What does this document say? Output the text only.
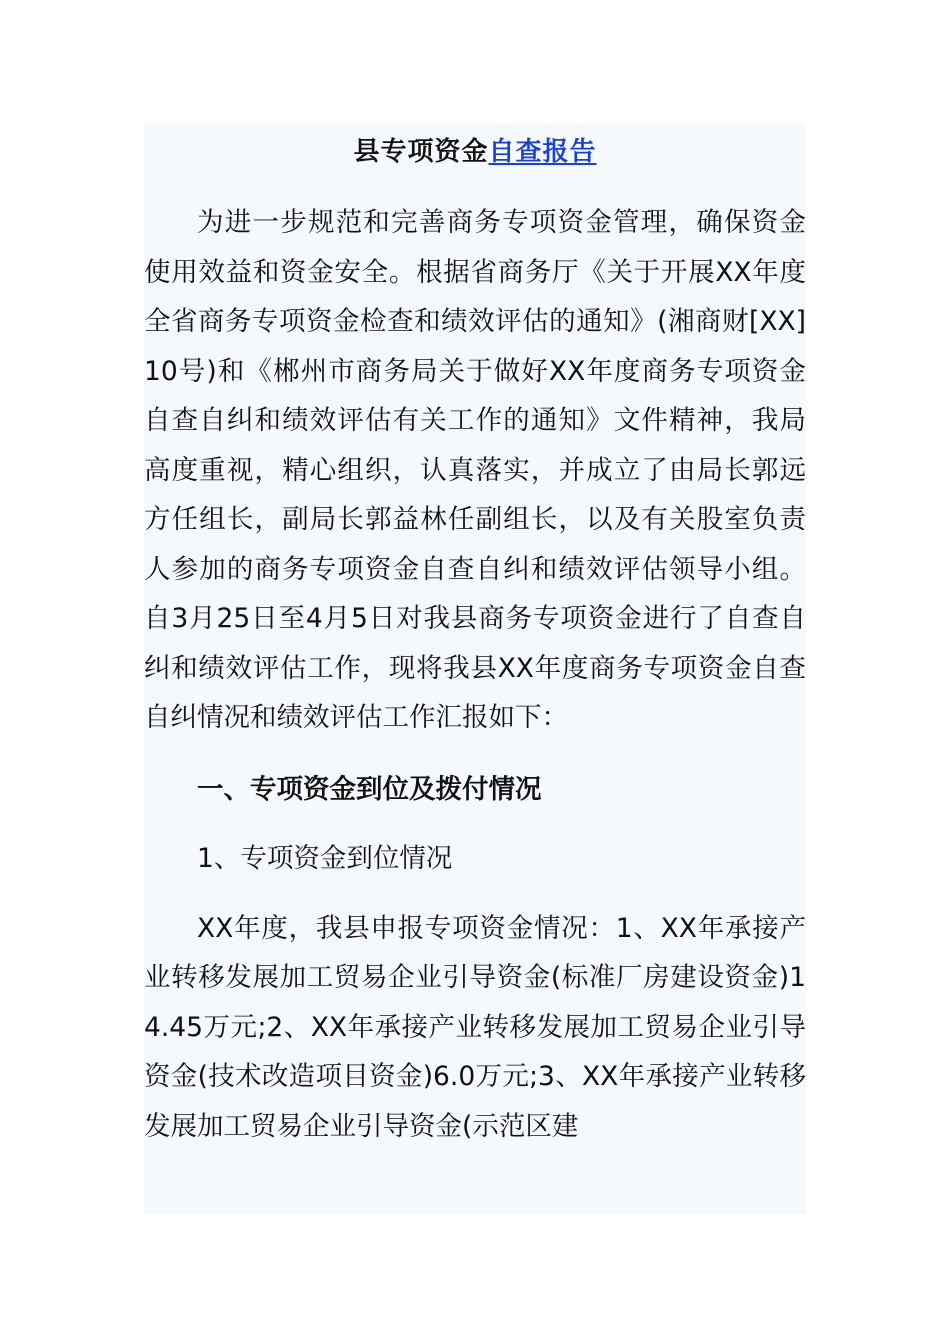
县专项资金自查报告

为进一步规范和完善商务专项资金管理，确保资金使用效益和资金安全。根据省商务厅《关于开展XX年度全省商务专项资金检查和绩效评估的通知》(湘商财[XX]10号)和《郴州市商务局关于做好XX年度商务专项资金自查自纠和绩效评估有关工作的通知》文件精神，我局高度重视，精心组织，认真落实，并成立了由局长郭远方任组长，副局长郭益林任副组长，以及有关股室负责人参加的商务专项资金自查自纠和绩效评估领导小组。自3月25日至4月5日对我县商务专项资金进行了自查自纠和绩效评估工作，现将我县XX年度商务专项资金自查自纠情况和绩效评估工作汇报如下：

一、专项资金到位及拨付情况

1、专项资金到位情况

XX年度，我县申报专项资金情况：1、XX年承接产业转移发展加工贸易企业引导资金(标准厂房建设资金)14.45万元;2、XX年承接产业转移发展加工贸易企业引导资金(技术改造项目资金)6.0万元;3、XX年承接产业转移发展加工贸易企业引导资金(示范区建
